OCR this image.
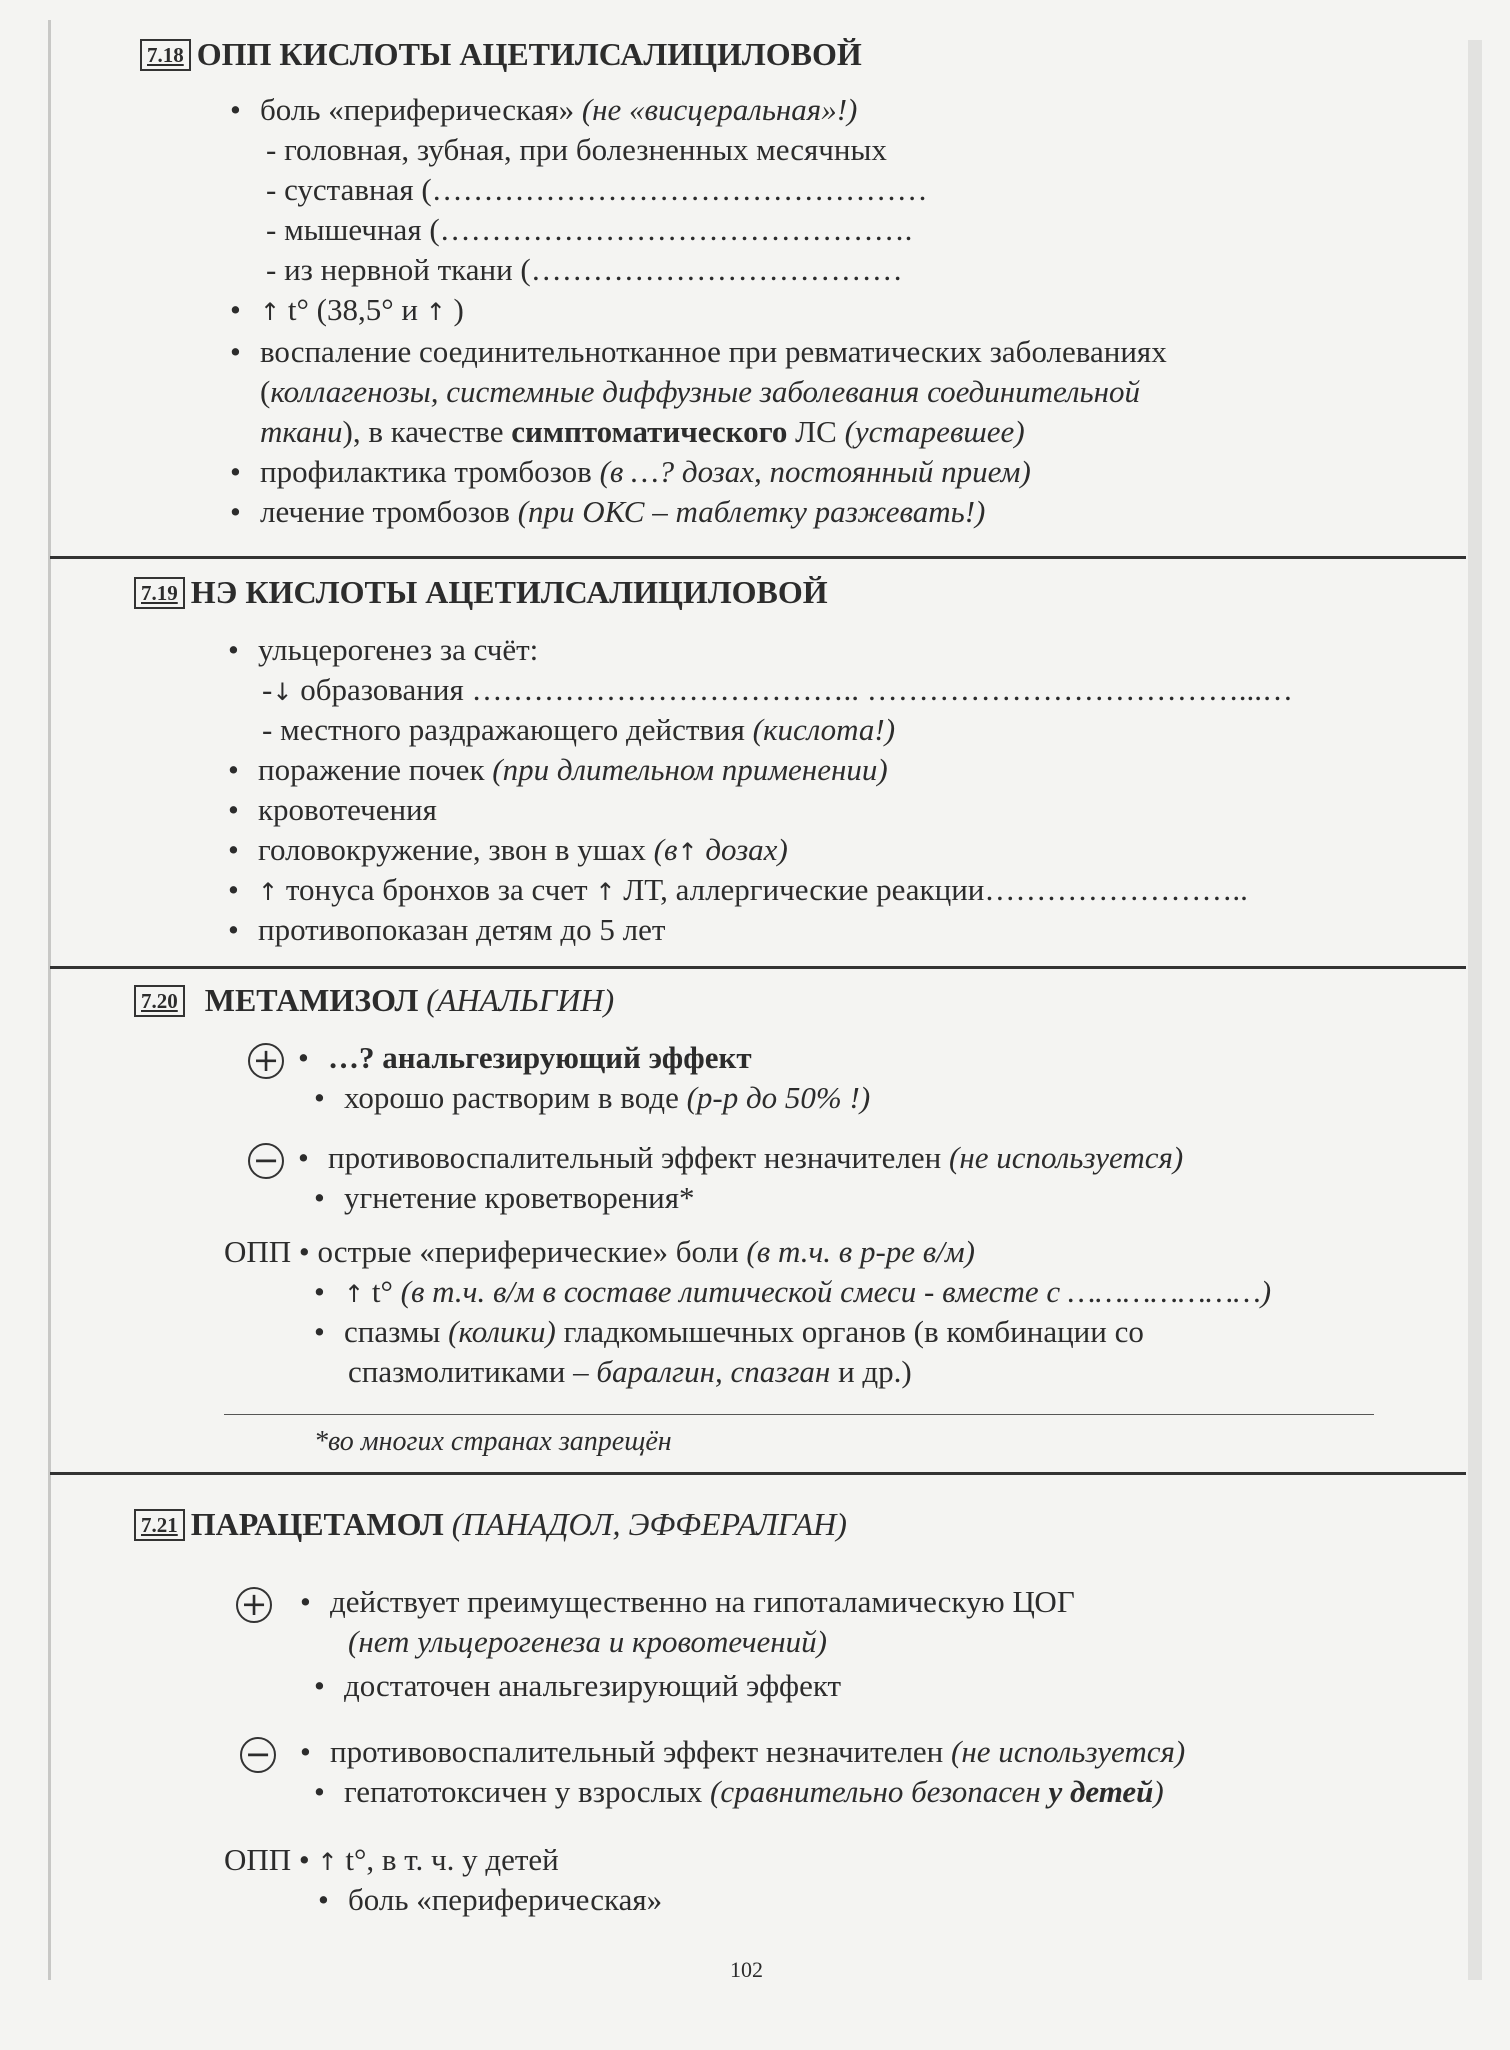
7.18 ОПП КИСЛОТЫ АЦЕТИЛСАЛИЦИЛОВОЙ
• боль «периферическая» (не «висцеральная»!)
- головная, зубная, при болезненных месячных
- суставная (…………………………………………
- мышечная (……………………………………….
- из нервной ткани (………………………………
• ↑ t° (38,5° и ↑ )
• воспаление соединительнотканное при ревматических заболеваниях
(коллагенозы, системные диффузные заболевания соединительной
ткани), в качестве симптоматического ЛС (устаревшее)
• профилактика тромбозов (в …? дозах, постоянный прием)
• лечение тромбозов (при ОКС – таблетку разжевать!)
7.19 НЭ КИСЛОТЫ АЦЕТИЛСАЛИЦИЛОВОЙ
• ульцерогенез за счёт:
-↓ образования ……………………………….. ………………………………...…
- местного раздражающего действия (кислота!)
• поражение почек (при длительном применении)
• кровотечения
• головокружение, звон в ушах (в↑ дозах)
• ↑ тонуса бронхов за счет ↑ ЛТ, аллергические реакции……………………..
• противопоказан детям до 5 лет
7.20 МЕТАМИЗОЛ (АНАЛЬГИН)
+ • …? анальгезирующий эффект
• хорошо растворим в воде (р-р до 50% !)
− • противовоспалительный эффект незначителен (не используется)
• угнетение кроветворения*
ОПП • острые «периферические» боли (в т.ч. в р-ре в/м)
• ↑ t° (в т.ч. в/м в составе литической смеси - вместе с …………………)
• спазмы (колики) гладкомышечных органов (в комбинации со
спазмолитиками – баралгин, спазган и др.)
*во многих странах запрещён
7.21 ПАРАЦЕТАМОЛ (ПАНАДОЛ, ЭФФЕРАЛГАН)
+ • действует преимущественно на гипоталамическую ЦОГ
(нет ульцерогенеза и кровотечений)
• достаточен анальгезирующий эффект
− • противовоспалительный эффект незначителен (не используется)
• гепатотоксичен у взрослых (сравнительно безопасен у детей)
ОПП • ↑ t°, в т. ч. у детей
• боль «периферическая»
102
